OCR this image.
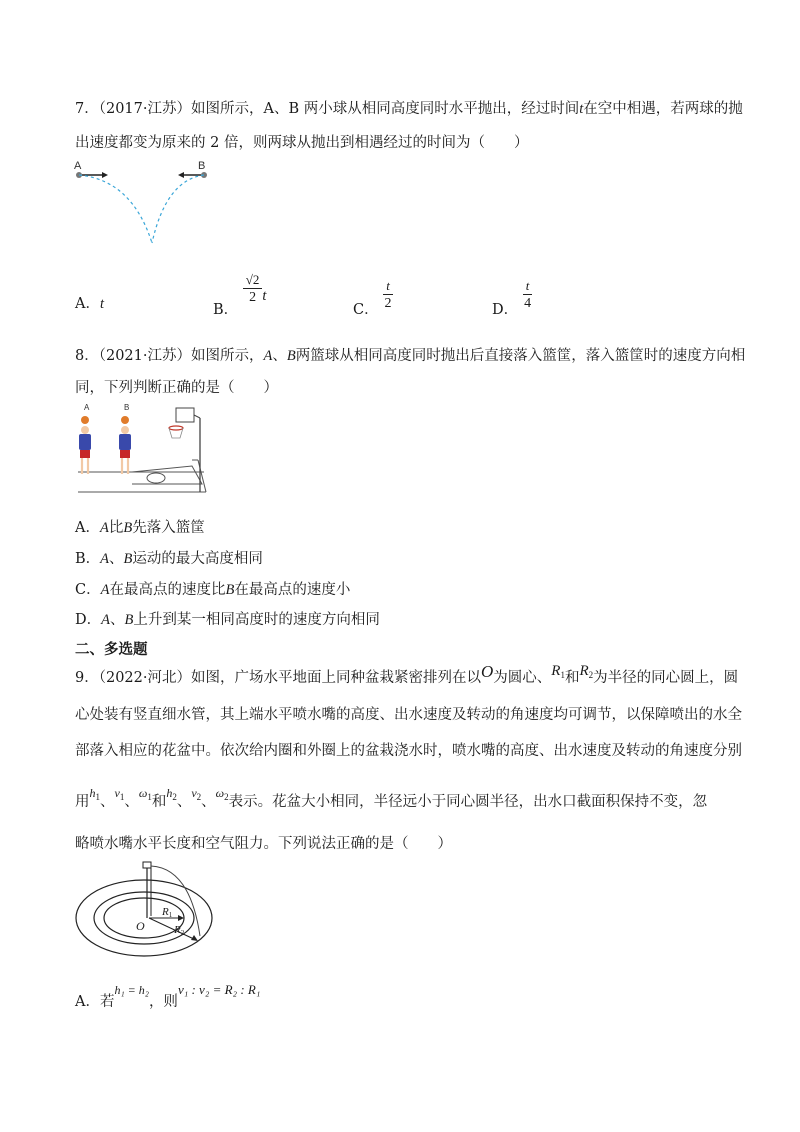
7．（2017·江苏）如图所示，A、B 两小球从相同高度同时水平抛出，经过时间t在空中相遇，若两球的抛
出速度都变为原来的 2 倍，则两球从抛出到相遇经过的时间为（　　）
A	B
A．t	B．
$\frac{√2}{2}$ t
C． $\frac{t}{2}$	D． $\frac{t}{4}$
8．（2021·江苏）如图所示，A、B两篮球从相同高度同时抛出后直接落入篮筐，落入篮筐时的速度方向相
同，下列判断正确的是（　　）
A	B
A．A比B先落入篮筐
B．A、B运动的最大高度相同
C．A在最高点的速度比B在最高点的速度小
D．A、B上升到某一相同高度时的速度方向相同
二、多选题
9．（2022·河北）如图，广场水平地面上同种盆栽紧密排列在以O为圆心、$R_1$和$R_2$为半径的同心圆上，圆
心处装有竖直细水管，其上端水平喷水嘴的高度、出水速度及转动的角速度均可调节，以保障喷出的水全
部落入相应的花盆中。依次给内圈和外圈上的盆栽浇水时，喷水嘴的高度、出水速度及转动的角速度分别
用$^{h_1}$、$^{v_1}$、$^{\omega_1}$和$^{h_2}$、$^{v_2}$、$^{\omega_2}$表示。花盆大小相同，半径远小于同心圆半径，出水口截面积保持不变，忽
略喷水嘴水平长度和空气阻力。下列说法正确的是（　　）
R1
R2
O
A．若$^{h_1 = h_2}$，则v₁ : v₂ = R₂ : R₁
